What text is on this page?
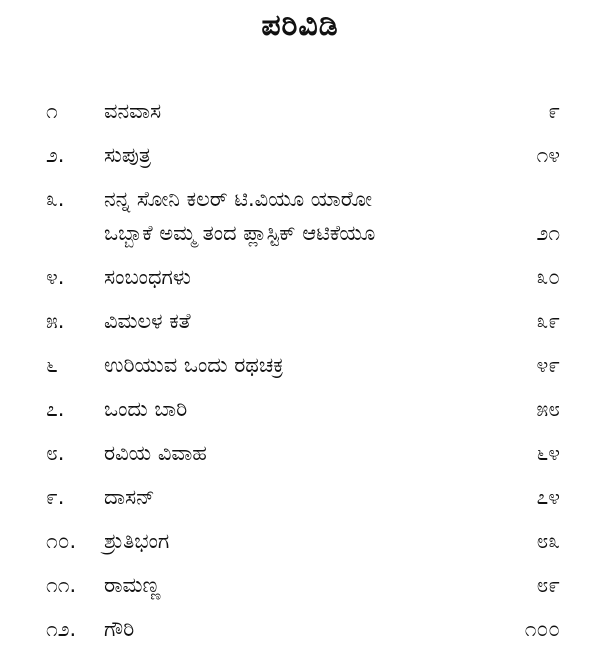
ಪರಿವಿಡಿ
೧ ವನವಾಸ	೯
೨. ಸುಪುತ್ರ	೧೪
೩. ನನ್ನ ಸೋನಿ ಕಲರ್ ಟಿ.ವಿಯೂ ಯಾರೋ
ಒಬ್ಬಾಕೆ ಅಮ್ಮ ತಂದ ಪ್ಲಾಸ್ಟಿಕ್ ಆಟಿಕೆಯೂ	೨೧
೪. ಸಂಬಂಧಗಳು	೩೦
೫. ವಿಮಲಳ ಕತೆ	೩೯
೬ ಉರಿಯುವ ಒಂದು ರಥಚಕ್ರ	೪೯
೭. ಒಂದು ಬಾರಿ	೫೮
೮. ರವಿಯ ವಿವಾಹ	೬೪
೯. ದಾಸನ್	೭೪
೧೦. ಶ್ರುತಿಭಂಗ	೮೩
೧೧. ರಾಮಣ್ಣ	೮೯
೧೨. ಗೌರಿ	೧೦೦
